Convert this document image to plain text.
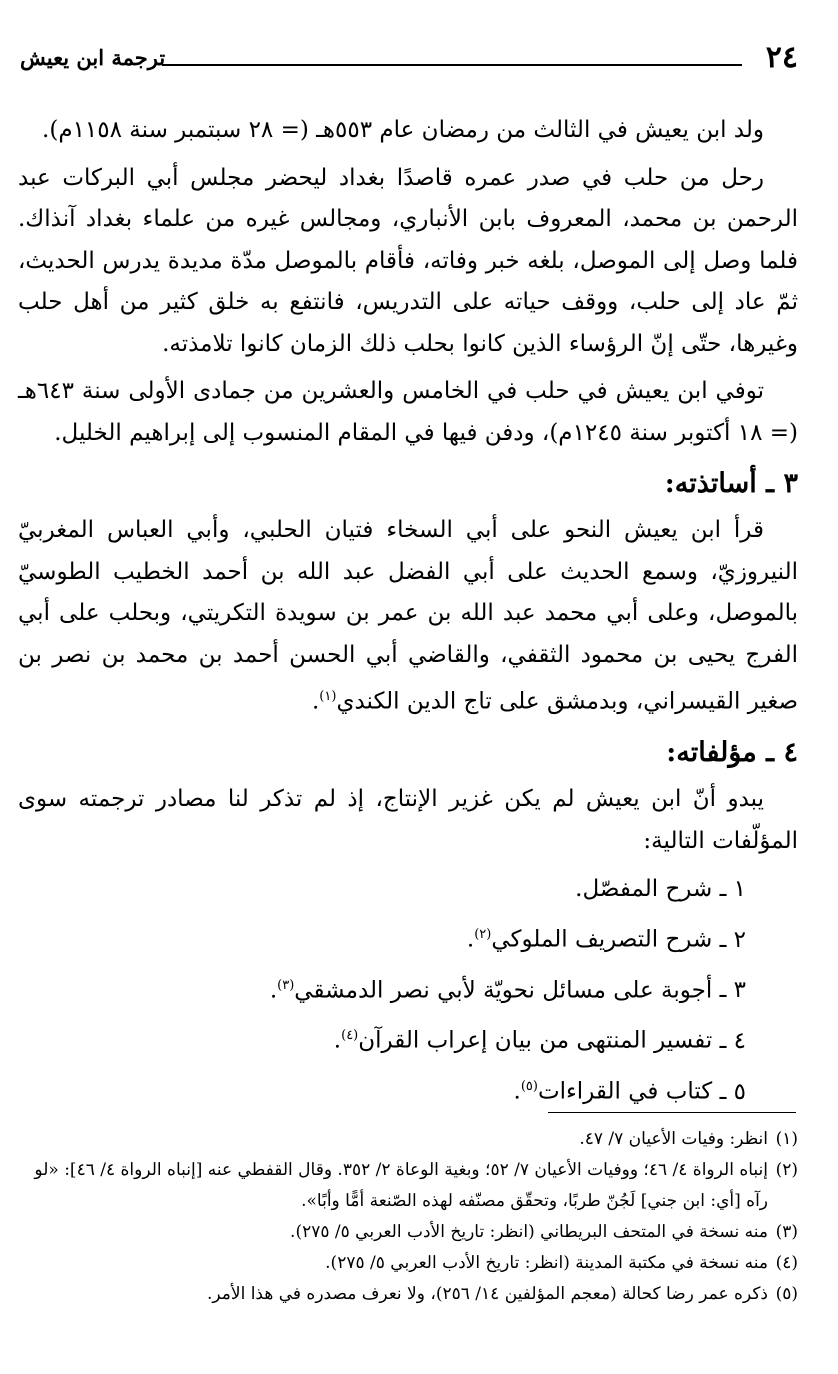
٢٤
ترجمة ابن يعيش

ولد ابن يعيش في الثالث من رمضان عام ٥٥٣هـ (= ٢٨ سبتمبر سنة ١١٥٨م).

رحل من حلب في صدر عمره قاصدًا بغداد ليحضر مجلس أبي البركات عبد الرحمن بن محمد، المعروف بابن الأنباري، ومجالس غيره من علماء بغداد آنذاك. فلما وصل إلى الموصل، بلغه خبر وفاته، فأقام بالموصل مدّة مديدة يدرس الحديث، ثمّ عاد إلى حلب، ووقف حياته على التدريس، فانتفع به خلق كثير من أهل حلب وغيرها، حتّى إنّ الرؤساء الذين كانوا بحلب ذلك الزمان كانوا تلامذته.

توفي ابن يعيش في حلب في الخامس والعشرين من جمادى الأولى سنة ٦٤٣هـ (= ١٨ أكتوبر سنة ١٢٤٥م)، ودفن فيها في المقام المنسوب إلى إبراهيم الخليل.

٣ ـ أساتذته:

قرأ ابن يعيش النحو على أبي السخاء فتيان الحلبي، وأبي العباس المغربيّ النيروزيّ، وسمع الحديث على أبي الفضل عبد الله بن أحمد الخطيب الطوسيّ بالموصل، وعلى أبي محمد عبد الله بن عمر بن سويدة التكريتي، وبحلب على أبي الفرج يحيى بن محمود الثقفي، والقاضي أبي الحسن أحمد بن محمد بن نصر بن صغير القيسراني، وبدمشق على تاج الدين الكندي$^{(١)}$.

٤ ـ مؤلفاته:

يبدو أنّ ابن يعيش لم يكن غزير الإنتاج، إذ لم تذكر لنا مصادر ترجمته سوى المؤلّفات التالية:

١ ـ شرح المفصّل.
٢ ـ شرح التصريف الملوكي$^{(٢)}$.
٣ ـ أجوبة على مسائل نحويّة لأبي نصر الدمشقي$^{(٣)}$.
٤ ـ تفسير المنتهى من بيان إعراب القرآن$^{(٤)}$.
٥ ـ كتاب في القراءات$^{(٥)}$.

(١)انظر: وفيات الأعيان ٧/ ٤٧.

(٢)إنباه الرواة ٤/ ٤٦؛ ووفيات الأعيان ٧/ ٥٢؛ وبغية الوعاة ٢/ ٣٥٢. وقال القفطي عنه [إنباه الرواة ٤/ ٤٦]: «لو رآه [أي: ابن جني] لَجُنّ طربًا، وتحقّق مصنّفه لهذه الصّنعة أمًّا وأبًا».

(٣)منه نسخة في المتحف البريطاني (انظر: تاريخ الأدب العربي ٥/ ٢٧٥).

(٤)منه نسخة في مكتبة المدينة (انظر: تاريخ الأدب العربي ٥/ ٢٧٥).

(٥)ذكره عمر رضا كحالة (معجم المؤلفين ١٤/ ٢٥٦)، ولا نعرف مصدره في هذا الأمر.
